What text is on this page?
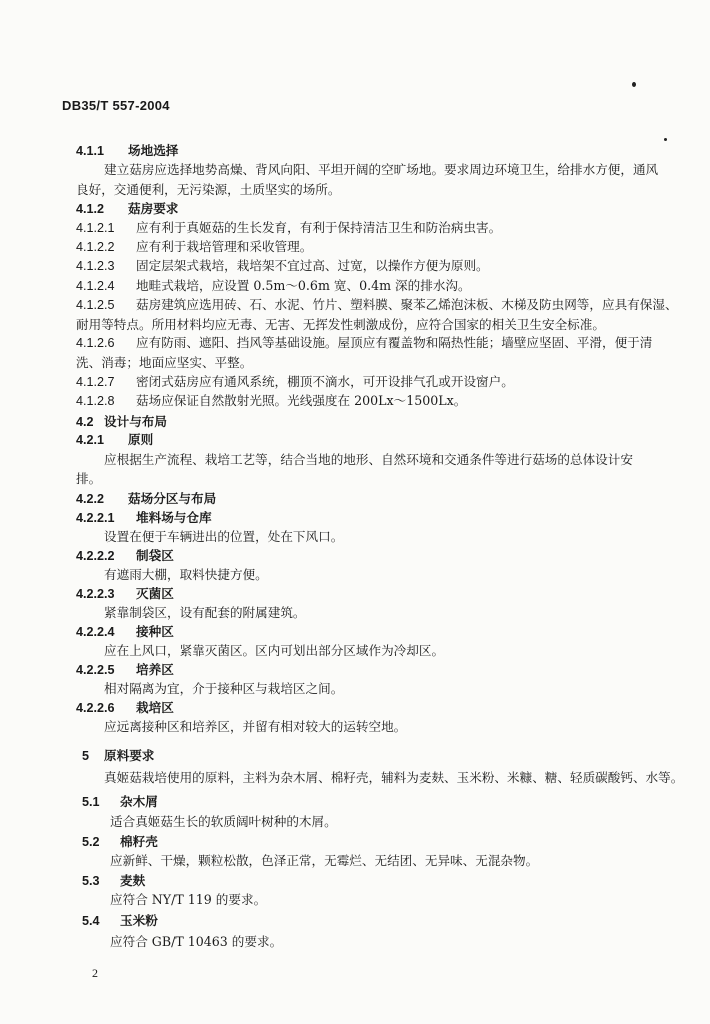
DB35/T 557-2004
4.1.1 场地选择
建立菇房应选择地势高燥、背风向阳、平坦开阔的空旷场地。要求周边环境卫生，给排水方便，通风
良好，交通便利，无污染源，土质坚实的场所。
4.1.2 菇房要求
4.1.2.1 应有利于真姬菇的生长发育，有利于保持清洁卫生和防治病虫害。
4.1.2.2 应有利于栽培管理和采收管理。
4.1.2.3 固定层架式栽培，栽培架不宜过高、过宽，以操作方便为原则。
4.1.2.4 地畦式栽培，应设置 0.5m～0.6m 宽、0.4m 深的排水沟。
4.1.2.5 菇房建筑应选用砖、石、水泥、竹片、塑料膜、聚苯乙烯泡沫板、木梯及防虫网等，应具有保湿、
耐用等特点。所用材料均应无毒、无害、无挥发性刺激成份，应符合国家的相关卫生安全标准。
4.1.2.6 应有防雨、遮阳、挡风等基础设施。屋顶应有覆盖物和隔热性能；墙壁应坚固、平滑，便于清
洗、消毒；地面应坚实、平整。
4.1.2.7 密闭式菇房应有通风系统，棚顶不滴水，可开设排气孔或开设窗户。
4.1.2.8 菇场应保证自然散射光照。光线强度在 200Lx～1500Lx。
4.2 设计与布局
4.2.1 原则
应根据生产流程、栽培工艺等，结合当地的地形、自然环境和交通条件等进行菇场的总体设计安
排。
4.2.2 菇场分区与布局
4.2.2.1 堆料场与仓库
设置在便于车辆进出的位置，处在下风口。
4.2.2.2 制袋区
有遮雨大棚，取料快捷方便。
4.2.2.3 灭菌区
紧靠制袋区，设有配套的附属建筑。
4.2.2.4 接种区
应在上风口，紧靠灭菌区。区内可划出部分区域作为冷却区。
4.2.2.5 培养区
相对隔离为宜，介于接种区与栽培区之间。
4.2.2.6 栽培区
应远离接种区和培养区，并留有相对较大的运转空地。
5 原料要求
真姬菇栽培使用的原料，主料为杂木屑、棉籽壳，辅料为麦麸、玉米粉、米糠、糖、轻质碳酸钙、水等。
5.1 杂木屑
适合真姬菇生长的软质阔叶树种的木屑。
5.2 棉籽壳
应新鲜、干燥，颗粒松散，色泽正常，无霉烂、无结团、无异味、无混杂物。
5.3 麦麸
应符合 NY/T 119 的要求。
5.4 玉米粉
应符合 GB/T 10463 的要求。
2
